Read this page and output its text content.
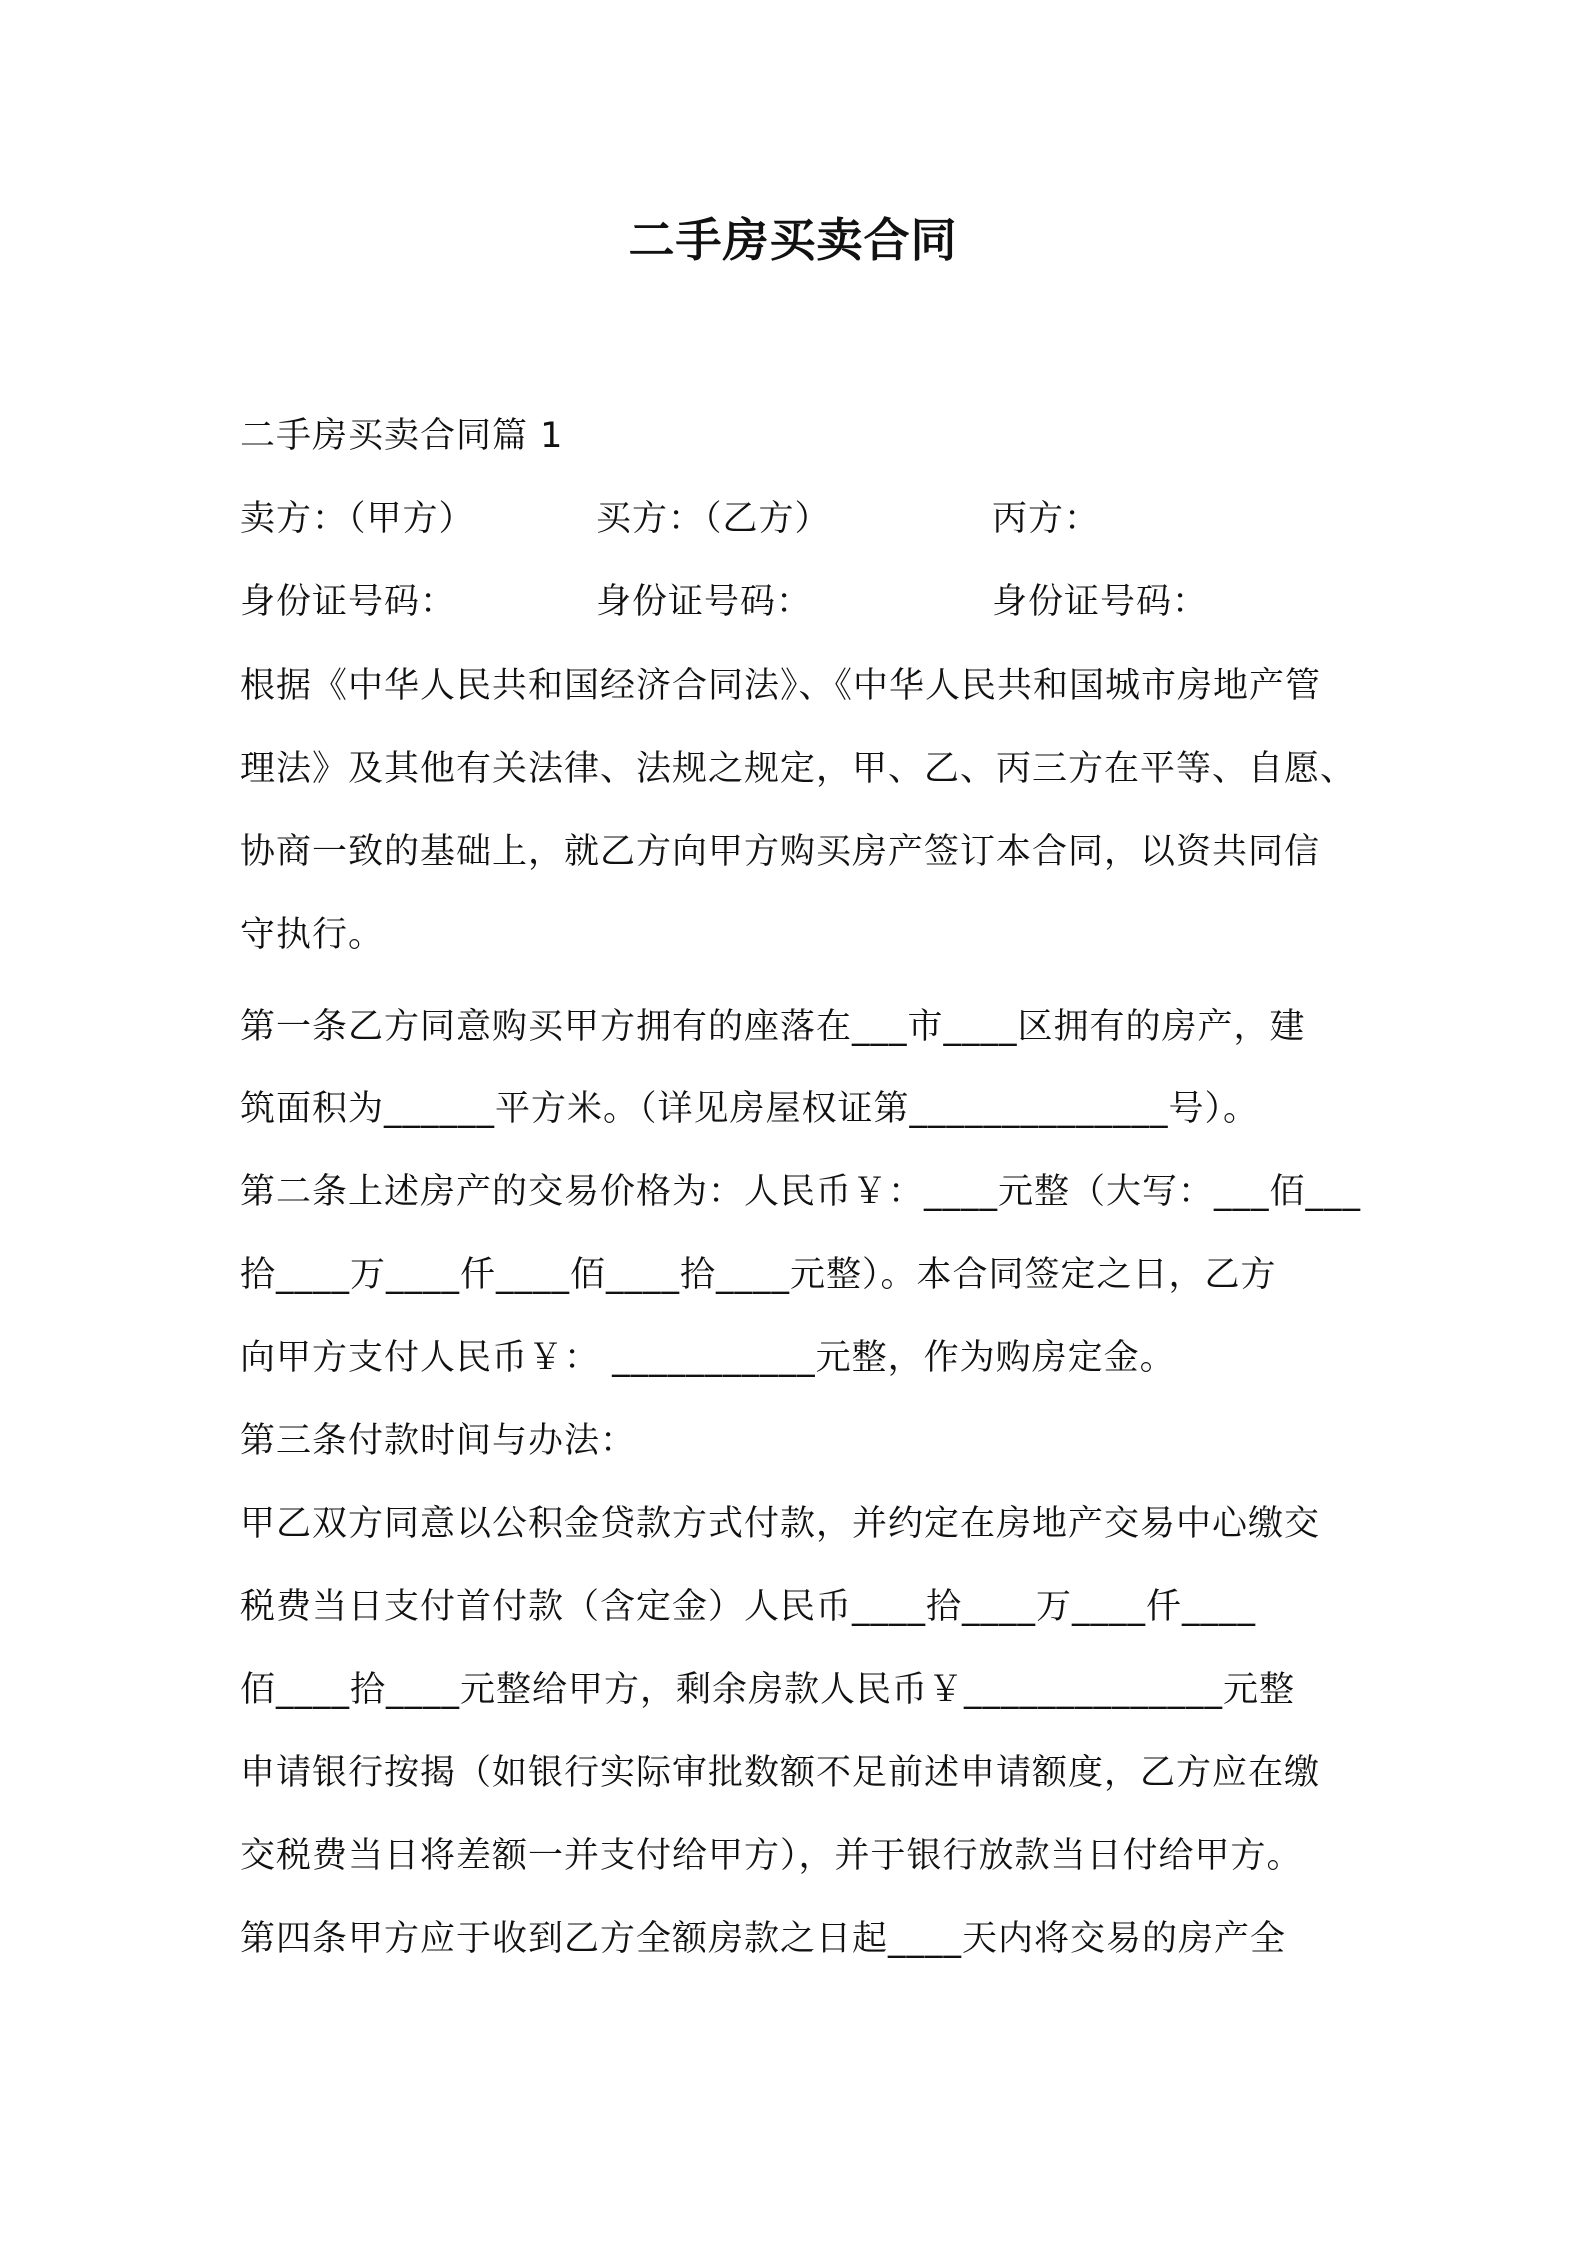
二手房买卖合同
二手房买卖合同篇 1
卖方：（甲方）	买方：（乙方）	丙方：
身份证号码：	身份证号码：	身份证号码：
根据《中华人民共和国经济合同法》、《中华人民共和国城市房地产管
理法》及其他有关法律、法规之规定，甲、乙、丙三方在平等、自愿、
协商一致的基础上，就乙方向甲方购买房产签订本合同，以资共同信
守执行。
第一条乙方同意购买甲方拥有的座落在___市____区拥有的房产，建
筑面积为______平方米。（详见房屋权证第______________号）。
第二条上述房产的交易价格为：人民币￥：____元整（大写：___佰___
拾____万____仟____佰____拾____元整）。本合同签定之日，乙方
向甲方支付人民币￥： ___________元整，作为购房定金。
第三条付款时间与办法：
甲乙双方同意以公积金贷款方式付款，并约定在房地产交易中心缴交
税费当日支付首付款（含定金）人民币____拾____万____仟____
佰____拾____元整给甲方，剩余房款人民币￥______________元整
申请银行按揭（如银行实际审批数额不足前述申请额度，乙方应在缴
交税费当日将差额一并支付给甲方），并于银行放款当日付给甲方。
第四条甲方应于收到乙方全额房款之日起____天内将交易的房产全
